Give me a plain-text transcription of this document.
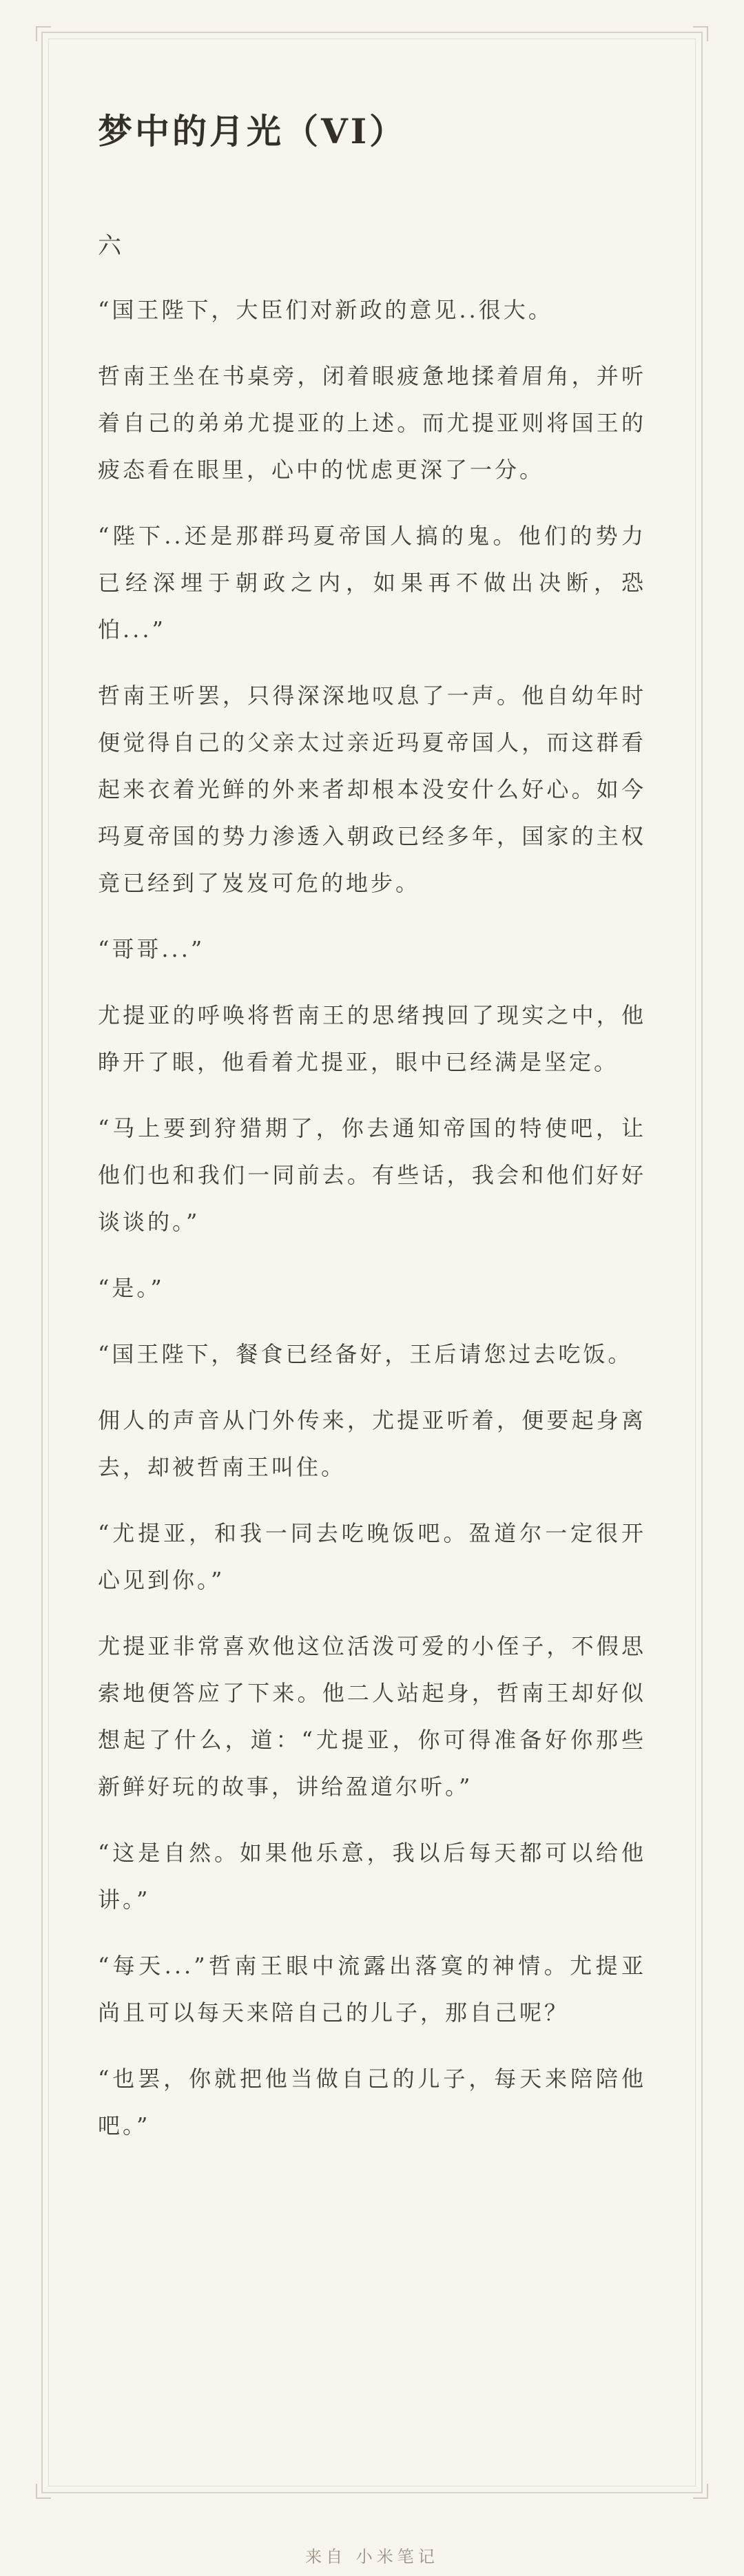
梦中的月光（VI）
六

“国王陛下，大臣们对新政的意见..很大。

哲南王坐在书桌旁，闭着眼疲惫地揉着眉角，并听着自己的弟弟尤提亚的上述。而尤提亚则将国王的疲态看在眼里，心中的忧虑更深了一分。

“陛下..还是那群玛夏帝国人搞的鬼。他们的势力已经深埋于朝政之内，如果再不做出决断，恐怕...”

哲南王听罢，只得深深地叹息了一声。他自幼年时便觉得自己的父亲太过亲近玛夏帝国人，而这群看起来衣着光鲜的外来者却根本没安什么好心。如今玛夏帝国的势力渗透入朝政已经多年，国家的主权竟已经到了岌岌可危的地步。

“哥哥...”

尤提亚的呼唤将哲南王的思绪拽回了现实之中，他睁开了眼，他看着尤提亚，眼中已经满是坚定。

“马上要到狩猎期了，你去通知帝国的特使吧，让他们也和我们一同前去。有些话，我会和他们好好谈谈的。”

“是。”

“国王陛下，餐食已经备好，王后请您过去吃饭。

佣人的声音从门外传来，尤提亚听着，便要起身离去，却被哲南王叫住。

“尤提亚，和我一同去吃晚饭吧。盈道尔一定很开心见到你。”

尤提亚非常喜欢他这位活泼可爱的小侄子，不假思索地便答应了下来。他二人站起身，哲南王却好似想起了什么，道：“尤提亚，你可得准备好你那些新鲜好玩的故事，讲给盈道尔听。”

“这是自然。如果他乐意，我以后每天都可以给他讲。”

“每天...”哲南王眼中流露出落寞的神情。尤提亚尚且可以每天来陪自己的儿子，那自己呢？

“也罢，你就把他当做自己的儿子，每天来陪陪他吧。”

来自 小米笔记
